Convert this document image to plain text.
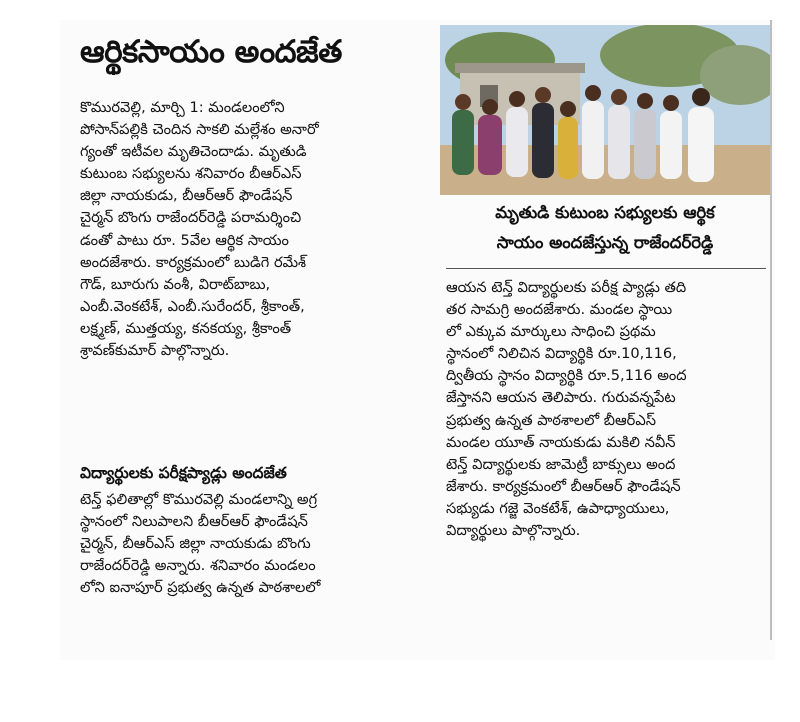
ఆర్థికసాయం అందజేత
కొమురవెల్లి, మార్చి 1: మండలంలోని
పోసాన్‌పల్లికి చెందిన సాకలి మల్లేశం అనారో
గ్యంతో ఇటీవల మృతిచెందాడు. మృతుడి
కుటుంబ సభ్యులను శనివారం బీఆర్‌ఎస్
జిల్లా నాయకుడు, బీఆర్‌ఆర్ ఫౌండేషన్
చైర్మన్ బొంగు రాజేందర్‌రెడ్డి పరామర్శించి
డంతో పాటు రూ. 5వేల ఆర్థిక సాయం
అందజేశారు. కార్యక్రమంలో బుడిగె రమేశ్
గౌడ్, బూరుగు వంశీ, విరాట్‌బాబు,
ఎంబీ.వెంకటేశ్, ఎంబీ.సురేందర్, శ్రీకాంత్,
లక్ష్మణ్, ముత్తయ్య, కనకయ్య, శ్రీకాంత్
శ్రావణ్‌కుమార్ పాల్గొన్నారు.
విద్యార్థులకు పరీక్షప్యాడ్లు అందజేత
టెన్త్ ఫలితాల్లో కొమురవెల్లి మండలాన్ని అగ్ర
స్థానంలో నిలుపాలని బీఆర్‌ఆర్ ఫౌండేషన్
చైర్మన్, బీఆర్‌ఎస్ జిల్లా నాయకుడు బొంగు
రాజేందర్‌రెడ్డి అన్నారు. శనివారం మండలం
లోని ఐనాపూర్ ప్రభుత్వ ఉన్నత పాఠశాలలో
మృతుడి కుటుంబ సభ్యులకు ఆర్థిక
సాయం అందజేస్తున్న రాజేందర్‌రెడ్డి
ఆయన టెన్త్ విద్యార్థులకు పరీక్ష ప్యాడ్లు తది
తర సామగ్రి అందజేశారు. మండల స్థాయి
లో ఎక్కువ మార్కులు సాధించి ప్రథమ
స్థానంలో నిలిచిన విద్యార్థికి రూ.10,116,
ద్వితీయ స్థానం విద్యార్థికి రూ.5,116 అంద
జేస్తానని ఆయన తెలిపారు. గురువన్నపేట
ప్రభుత్వ ఉన్నత పాఠశాలలో బీఆర్‌ఎస్
మండల యూత్ నాయకుడు మకిలి నవీన్
టెన్త్ విద్యార్థులకు జామెట్రీ బాక్సులు అంద
జేశారు. కార్యక్రమంలో బీఆర్‌ఆర్ ఫౌండేషన్
సభ్యుడు గజ్జె వెంకటేశ్, ఉపాధ్యాయులు,
విద్యార్థులు పాల్గొన్నారు.
